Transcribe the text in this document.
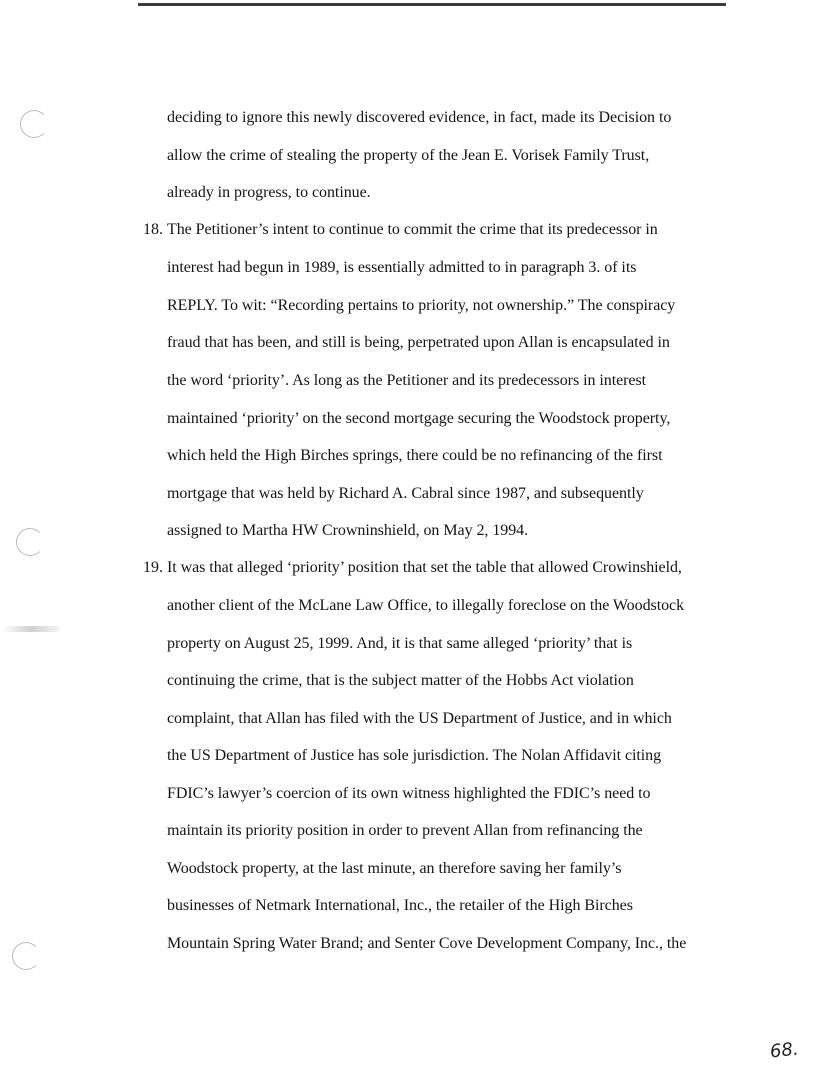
deciding to ignore this newly discovered evidence, in fact, made its Decision to
allow the crime of stealing the property of the Jean E. Vorisek Family Trust,
already in progress, to continue.
18. The Petitioner’s intent to continue to commit the crime that its predecessor in
interest had begun in 1989, is essentially admitted to in paragraph 3. of its
REPLY. To wit: “Recording pertains to priority, not ownership.” The conspiracy
fraud that has been, and still is being, perpetrated upon Allan is encapsulated in
the word ‘priority’. As long as the Petitioner and its predecessors in interest
maintained ‘priority’ on the second mortgage securing the Woodstock property,
which held the High Birches springs, there could be no refinancing of the first
mortgage that was held by Richard A. Cabral since 1987, and subsequently
assigned to Martha HW Crowninshield, on May 2, 1994.
19. It was that alleged ‘priority’ position that set the table that allowed Crowinshield,
another client of the McLane Law Office, to illegally foreclose on the Woodstock
property on August 25, 1999. And, it is that same alleged ‘priority’ that is
continuing the crime, that is the subject matter of the Hobbs Act violation
complaint, that Allan has filed with the US Department of Justice, and in which
the US Department of Justice has sole jurisdiction. The Nolan Affidavit citing
FDIC’s lawyer’s coercion of its own witness highlighted the FDIC’s need to
maintain its priority position in order to prevent Allan from refinancing the
Woodstock property, at the last minute, an therefore saving her family’s
businesses of Netmark International, Inc., the retailer of the High Birches
Mountain Spring Water Brand; and Senter Cove Development Company, Inc., the
68.
